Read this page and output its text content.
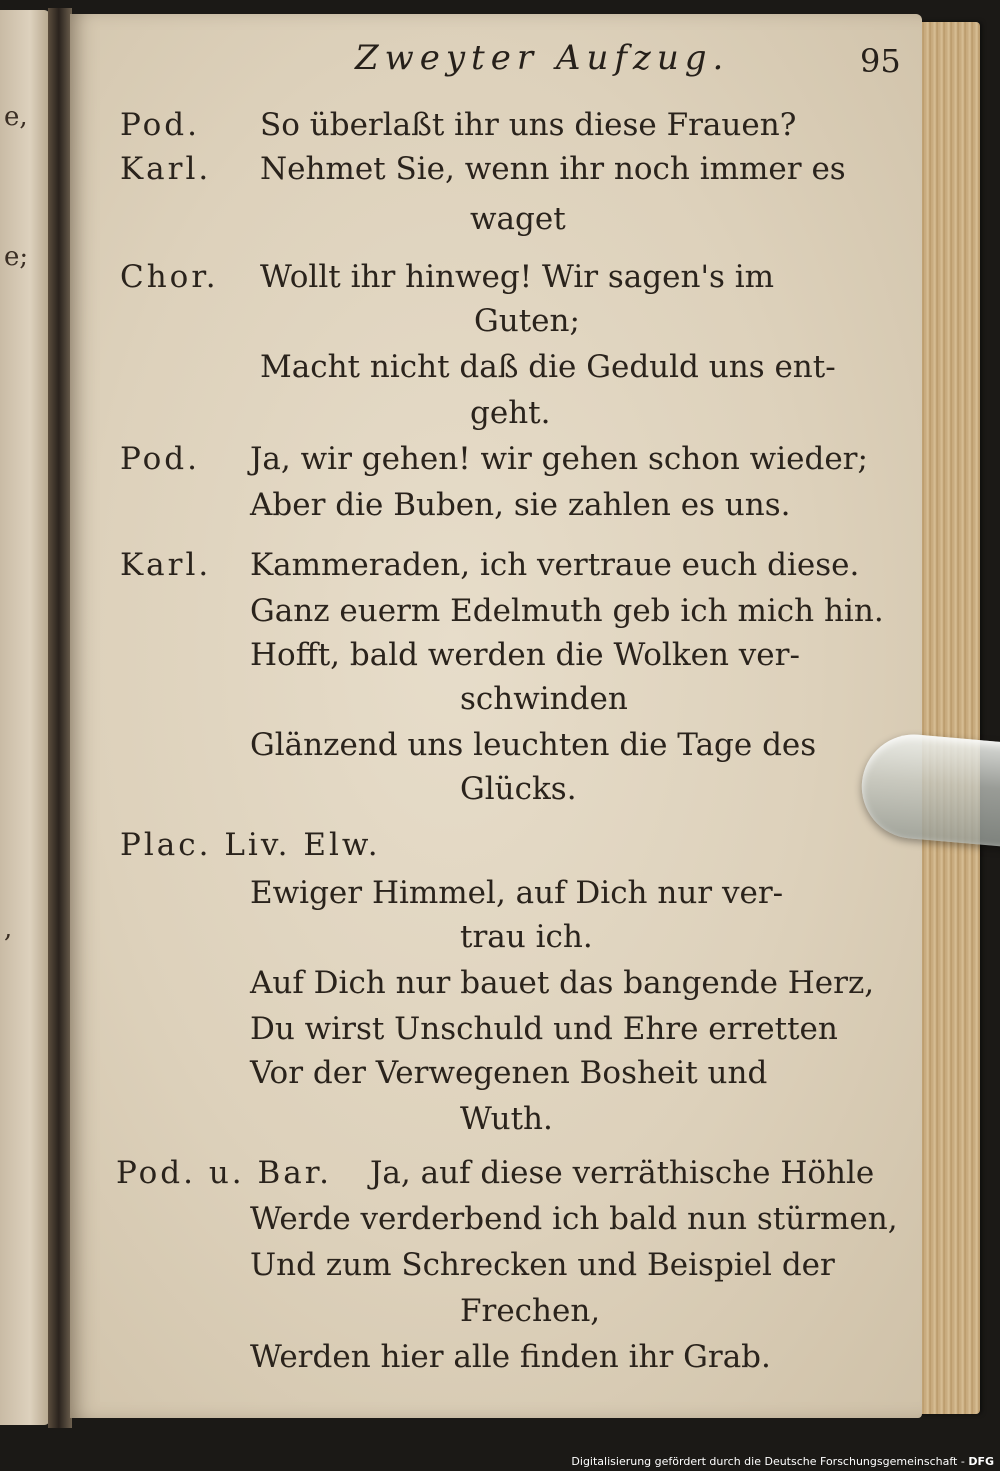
e,
e;
,
Zweyter Aufzug.	95
Pod.
Karl.
Chor.
Pod.
Karl.
Plac. Liv. Elw.
Pod. u. Bar.
So überlaßt ihr uns diese Frauen?
Nehmet Sie, wenn ihr noch immer es
waget
Wollt ihr hinweg! Wir sagen's im
Guten;
Macht nicht daß die Geduld uns ent-
geht.
Ja, wir gehen! wir gehen schon wieder;
Aber die Buben, sie zahlen es uns.
Kammeraden, ich vertraue euch diese.
Ganz euerm Edelmuth geb ich mich hin.
Hofft, bald werden die Wolken ver-
schwinden
Glänzend uns leuchten die Tage des
Glücks.
Ewiger Himmel, auf Dich nur ver-
trau ich.
Auf Dich nur bauet das bangende Herz,
Du wirst Unschuld und Ehre erretten
Vor der Verwegenen Bosheit und
Wuth.
Ja, auf diese verräthische Höhle
Werde verderbend ich bald nun stürmen,
Und zum Schrecken und Beispiel der
Frechen,
Werden hier alle finden ihr Grab.
Digitalisierung gefördert durch die Deutsche Forschungsgemeinschaft - DFG
